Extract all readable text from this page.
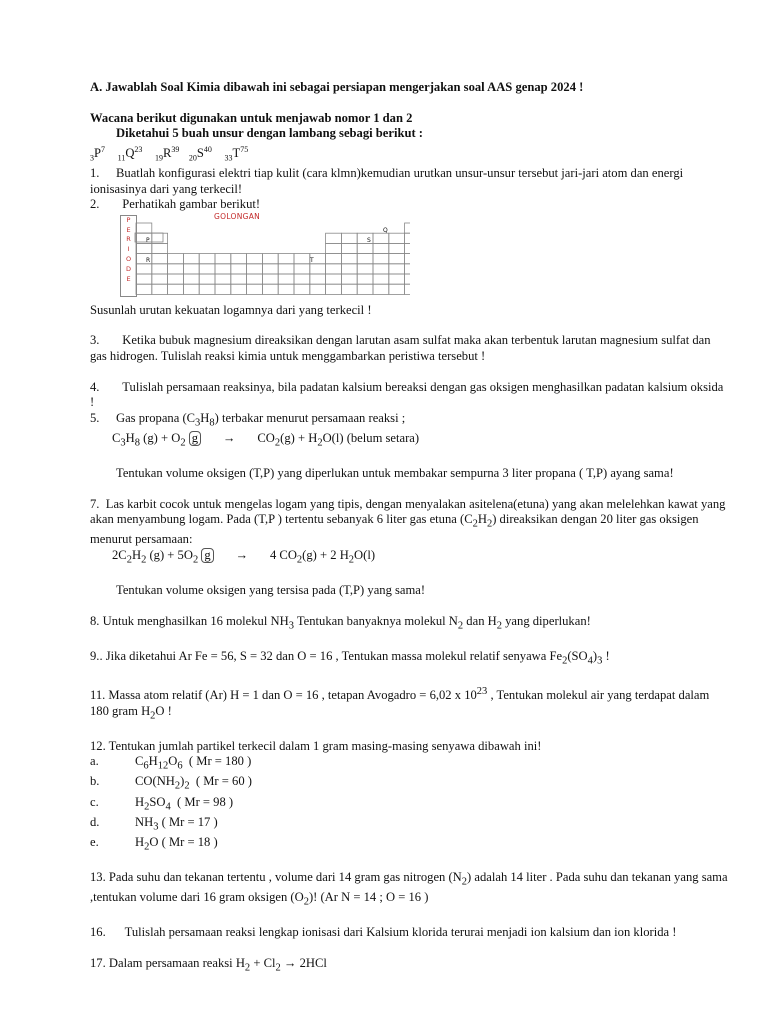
A. Jawablah Soal Kimia dibawah ini sebagai persiapan mengerjakan soal AAS genap 2024 !

Wacana berikut digunakan untuk menjawab nomor 1 dan 2

Diketahui 5 buah unsur dengan lambang sebagi berikut :

$_3P^7$    $_{11}Q^{23}$    $_{19}R^{39}$   $_{20}S^{40}$    $_{33}T^{75}$

1. Buatlah konfigurasi elektri tiap kulit (cara klmn)kemudian urutkan unsur-unsur tersebut jari-jari atom dan energi ionisasinya dari yang terkecil!

2. Perhatikah gambar berikut!

P
E
R
I
O
D
E
GOLONGAN
P
R	T
S
Q

Susunlah urutan kekuatan logamnya dari yang terkecil !

3. Ketika bubuk magnesium direaksikan dengan larutan asam sulfat maka akan terbentuk larutan magnesium sulfat dan gas hidrogen. Tulislah reaksi kimia untuk menggambarkan peristiwa tersebut !

4. Tulislah persamaan reaksinya, bila padatan kalsium bereaksi dengan gas oksigen menghasilkan padatan kalsium oksida !

5. Gas propana $(C_3H_8)$ terbakar menurut persamaan reaksi ;

$C_3H_8$ $(g) + O_2$ $g \to CO_2(g) + H_2O(l)$ (belum setara)

Tentukan volume oksigen (T,P) yang diperlukan untuk membakar sempurna 3 liter propana ( T,P) ayang sama!

7. Las karbit cocok untuk mengelas logam yang tipis, dengan menyalakan asitelena(etuna) yang akan melelehkan kawat yang akan menyambung logam. Pada (T,P ) tertentu sebanyak 6 liter gas etuna $(C_2H_2)$ direaksikan dengan 20 liter gas oksigen menurut persamaan:

$2C_2H_2$ $(g) + 5O_2$ g → 4 $CO_2(g) + 2$ $H_2O(l)$

Tentukan volume oksigen yang tersisa pada (T,P) yang sama!

8. Untuk menghasilkan 16 molekul $NH_3$ Tentukan banyaknya molekul $N_2$ dan $H_2$ yang diperlukan!

9.. Jika diketahui Ar Fe = 56, S = 32 dan O = 16 , Tentukan massa molekul relatif senyawa $Fe_2(SO_4)_3$ !

11. Massa atom relatif (Ar) H = 1 dan O = 16 , tetapan Avogadro = 6,02 x $10^{23}$ , Tentukan molekul air yang terdapat dalam 180 gram $H_2O$ !

12. Tentukan jumlah partikel terkecil dalam 1 gram masing-masing senyawa dibawah ini!

a.	$C_6H_{12}O_6$ ( Mr = 180 )
b.	$CO(NH_2)_2$ ( Mr = 60 )
c.	$H_2SO_4$ ( Mr = 98 )
d.	$NH_3$ ( Mr = 17 )
e.	$H_2O$ ( Mr = 18 )

13. Pada suhu dan tekanan tertentu , volume dari 14 gram gas nitrogen $(N_2)$ adalah 14 liter . Pada suhu dan tekanan yang sama ,tentukan volume dari 16 gram oksigen $(O_2)$! (Ar N = 14 ; O = 16 )

16. Tulislah persamaan reaksi lengkap ionisasi dari Kalsium klorida terurai menjadi ion kalsium dan ion klorida !

17. Dalam persamaan reaksi $H_2 + Cl_2 \to 2HCl$
